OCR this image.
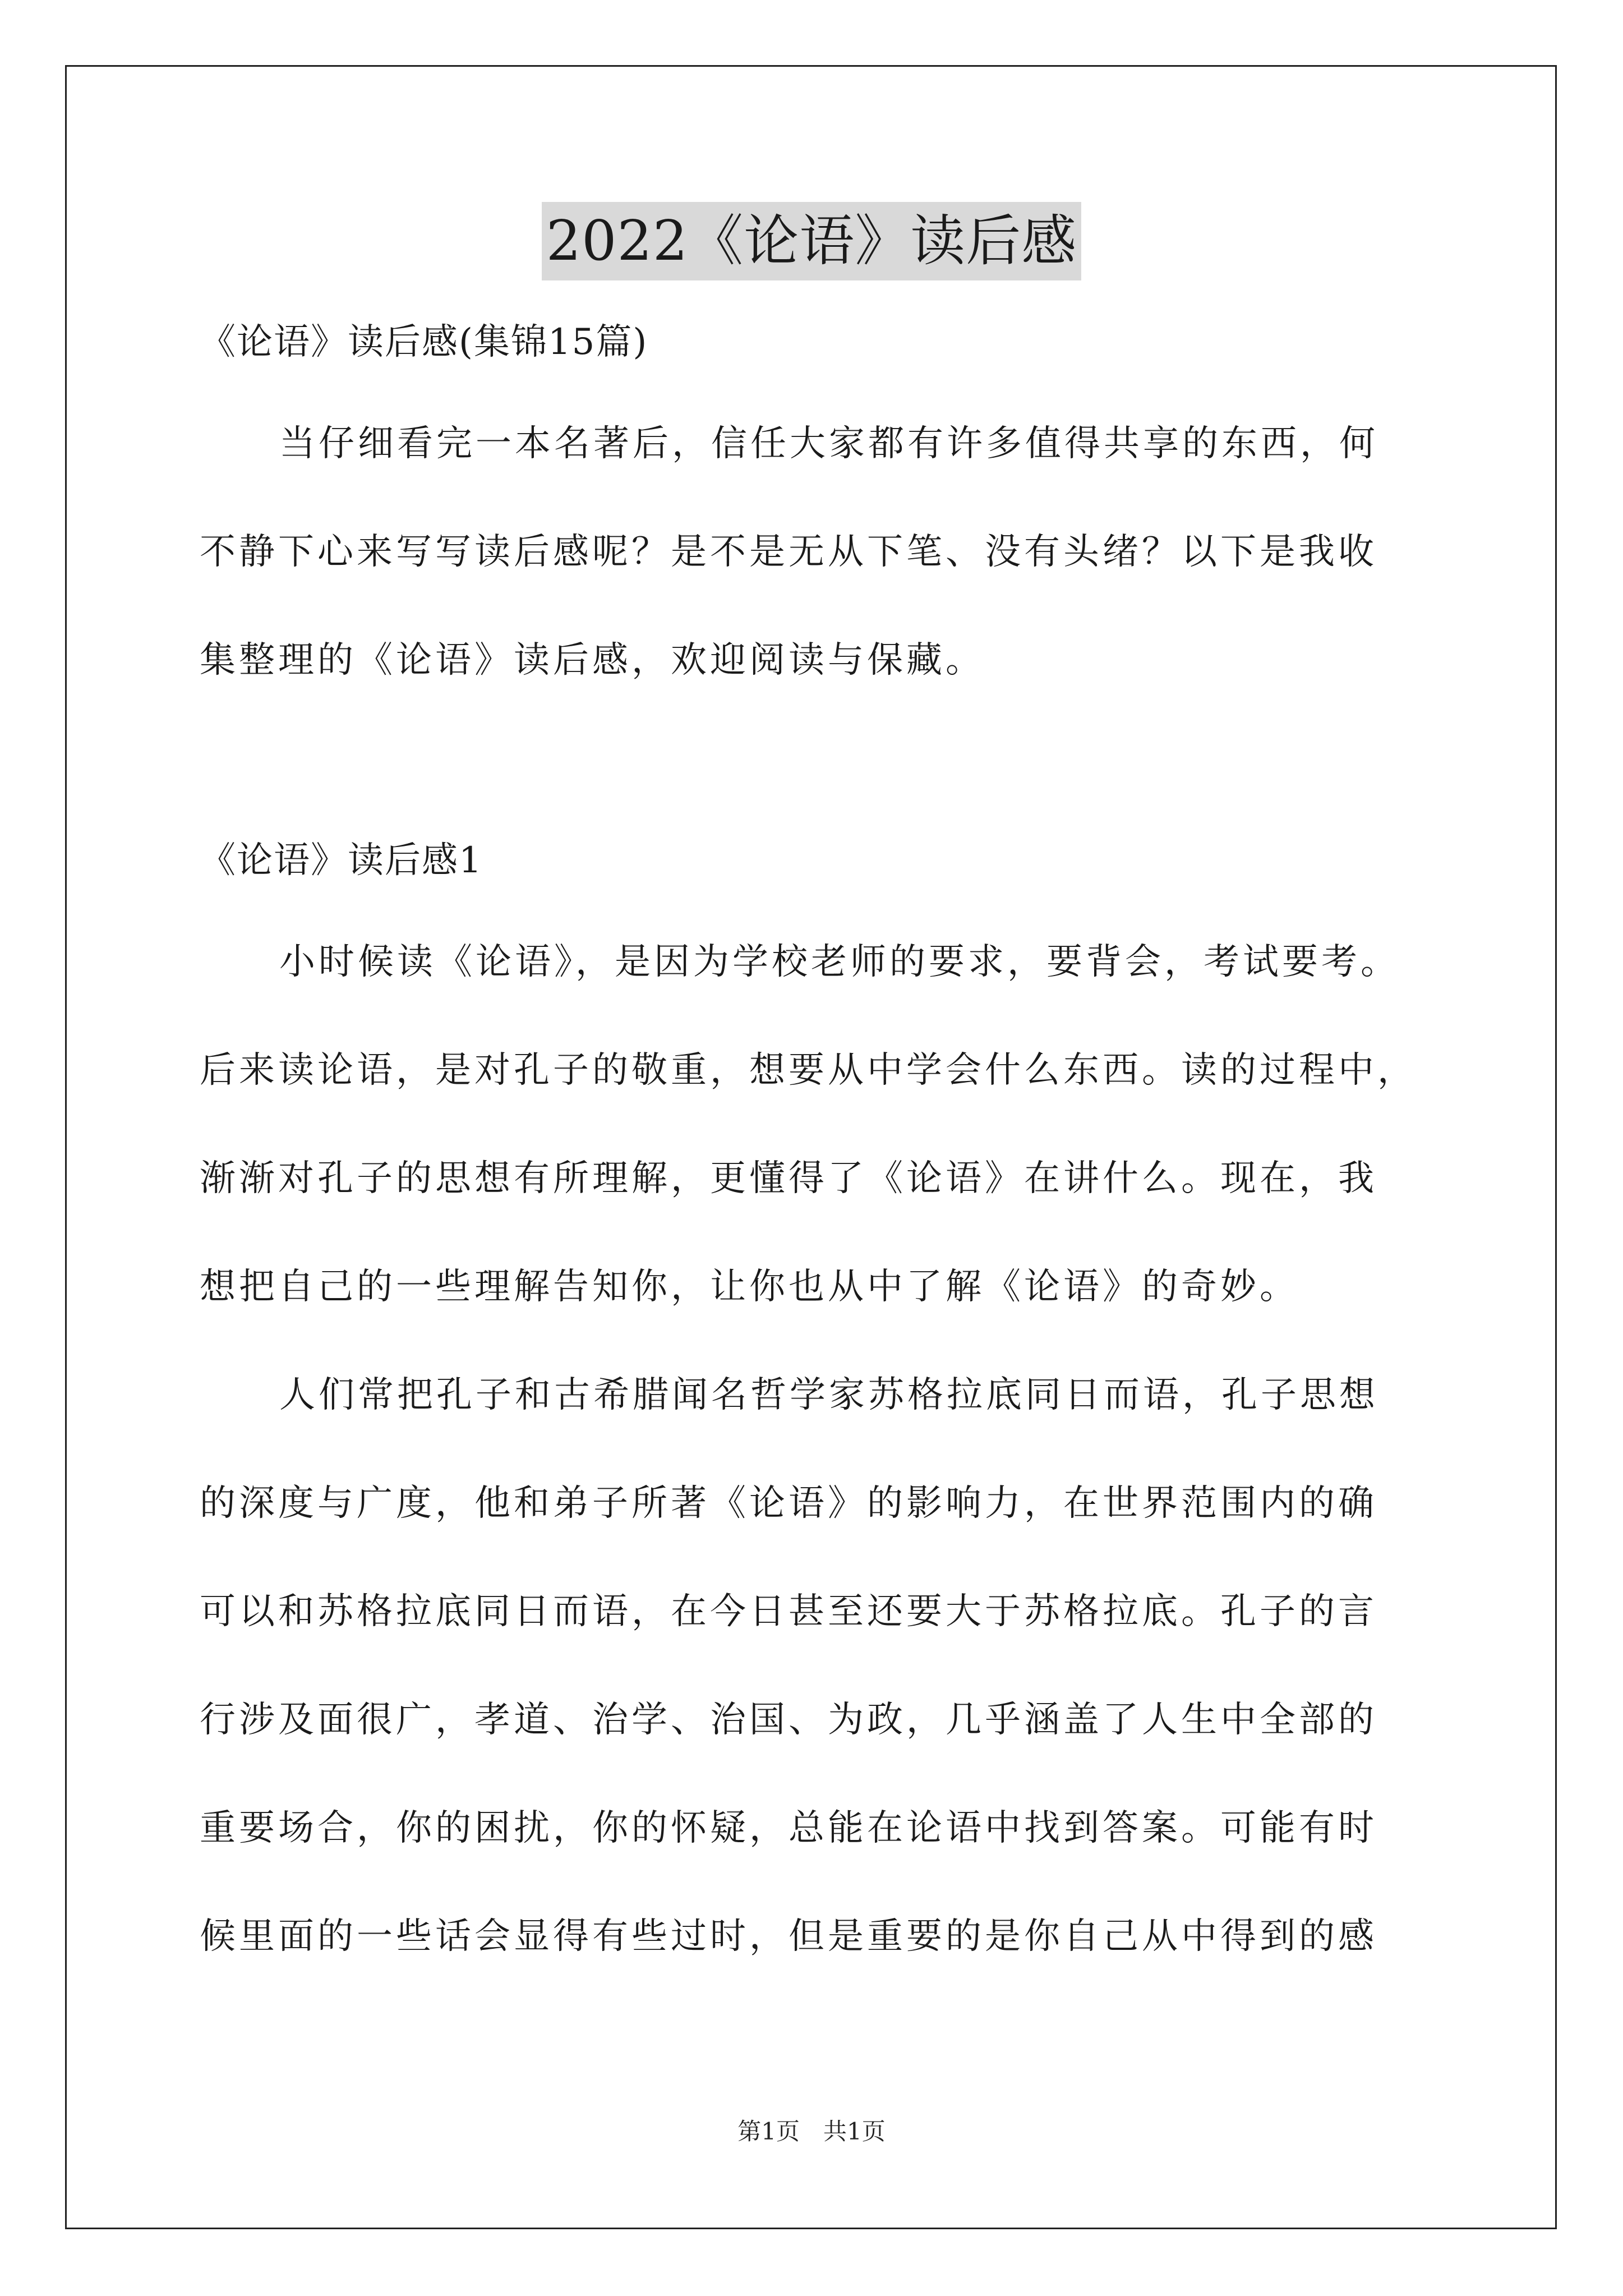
2022《论语》读后感
《论语》读后感(集锦15篇)
当仔细看完一本名著后，信任大家都有许多值得共享的东西，何
不静下心来写写读后感呢？是不是无从下笔、没有头绪？以下是我收
集整理的《论语》读后感，欢迎阅读与保藏。
《论语》读后感1
小时候读《论语》，是因为学校老师的要求，要背会，考试要考。
后来读论语，是对孔子的敬重，想要从中学会什么东西。读的过程中，
渐渐对孔子的思想有所理解，更懂得了《论语》在讲什么。现在，我
想把自己的一些理解告知你，让你也从中了解《论语》的奇妙。
人们常把孔子和古希腊闻名哲学家苏格拉底同日而语，孔子思想
的深度与广度，他和弟子所著《论语》的影响力，在世界范围内的确
可以和苏格拉底同日而语，在今日甚至还要大于苏格拉底。孔子的言
行涉及面很广，孝道、治学、治国、为政，几乎涵盖了人生中全部的
重要场合，你的困扰，你的怀疑，总能在论语中找到答案。可能有时
候里面的一些话会显得有些过时，但是重要的是你自己从中得到的感
第1页　共1页
